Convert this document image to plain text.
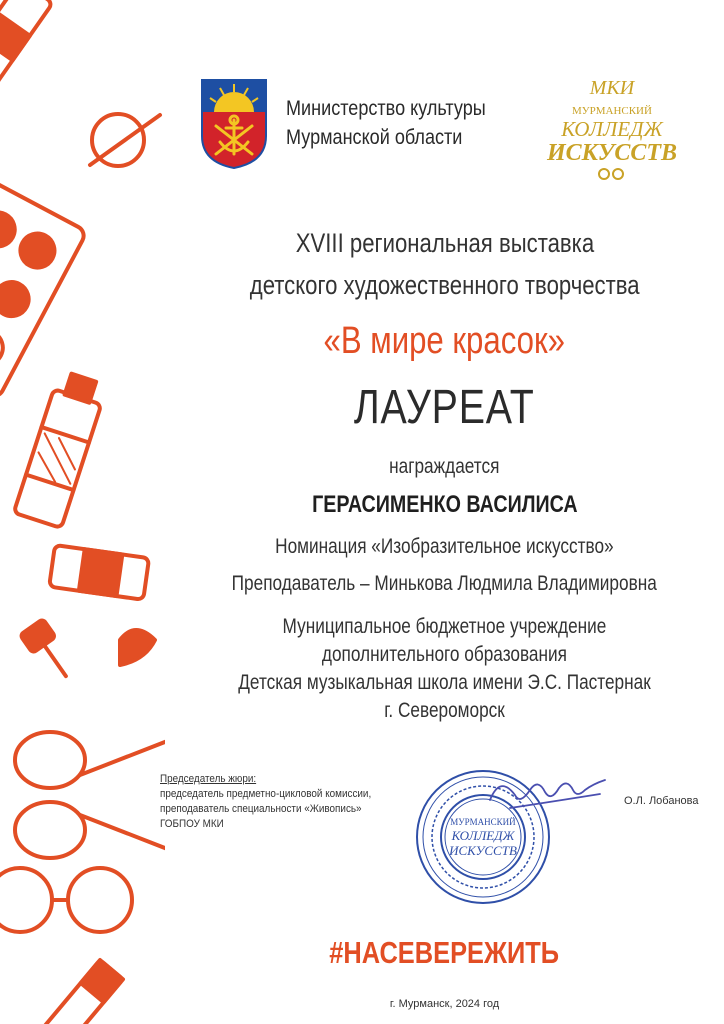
Министерство культуры
Мурманской области
МКИ
МУРМАНСКИЙ
КОЛЛЕДЖ
ИСКУССТВ
XVIII региональная выставка
детского художественного творчества
«В мире красок»
ЛАУРЕАТ
награждается
ГЕРАСИМЕНКО ВАСИЛИСА
Номинация «Изобразительное искусство»
Преподаватель – Минькова Людмила Владимировна
Муниципальное бюджетное учреждение
дополнительного образования
Детская музыкальная школа имени Э.С. Пастернак
г. Североморск
Председатель жюри:
председатель предметно-цикловой комиссии,
преподаватель специальности «Живопись»
ГОБПОУ МКИ	МУРМАНСКИЙ
КОЛЛЕДЖ
ИСКУССТВ
О.Л. Лобанова
#НАСЕВЕРЕЖИТЬ
г. Мурманск, 2024 год
